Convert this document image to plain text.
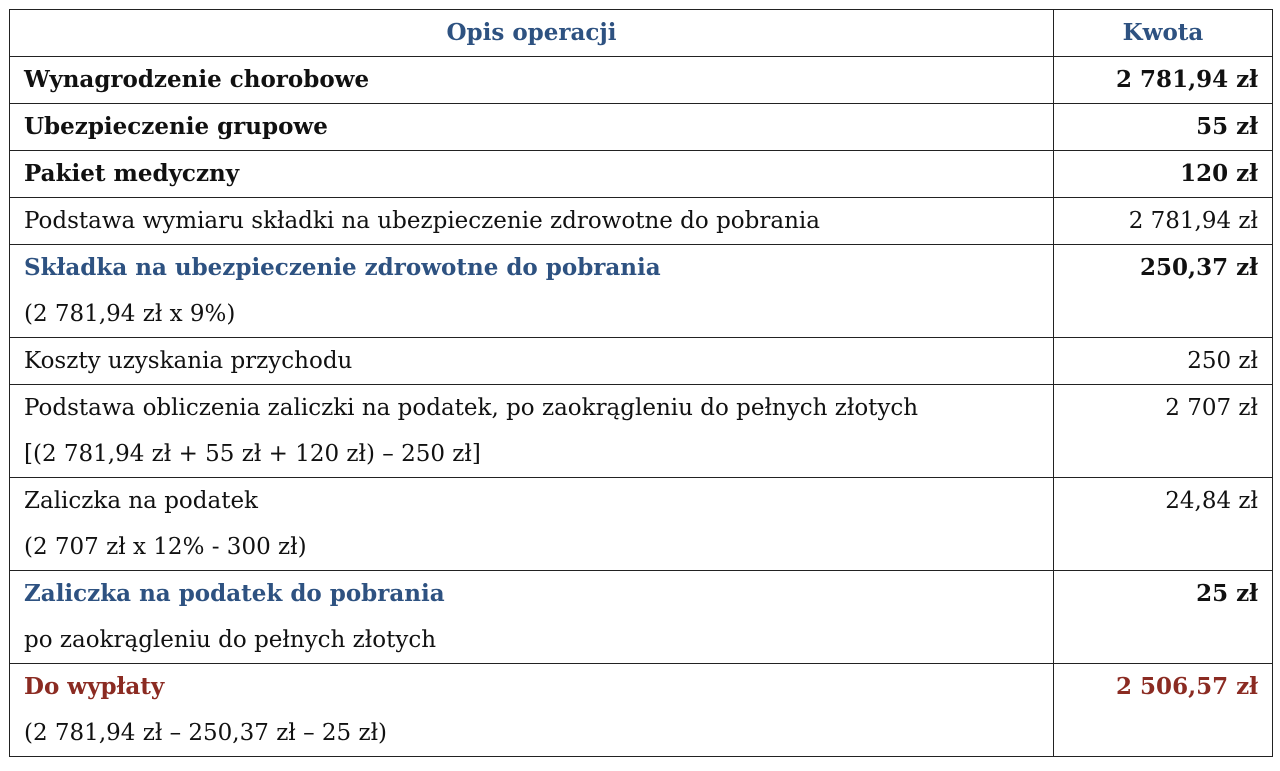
Opis operacji	Kwota
Wynagrodzenie chorobowe	2 781,94 zł
Ubezpieczenie grupowe	55 zł
Pakiet medyczny	120 zł
Podstawa wymiaru składki na ubezpieczenie zdrowotne do pobrania	2 781,94 zł

Składka na ubezpieczenie zdrowotne do pobrania
(2 781,94 zł x 9%)	250,37 zł
Koszty uzyskania przychodu	250 zł

Podstawa obliczenia zaliczki na podatek, po zaokrągleniu do pełnych złotych
[(2 781,94 zł + 55 zł + 120 zł) – 250 zł]	2 707 zł

Zaliczka na podatek
(2 707 zł x 12% - 300 zł)	24,84 zł

Zaliczka na podatek do pobrania
po zaokrągleniu do pełnych złotych	25 zł

Do wypłaty
(2 781,94 zł – 250,37 zł – 25 zł)	2 506,57 zł
